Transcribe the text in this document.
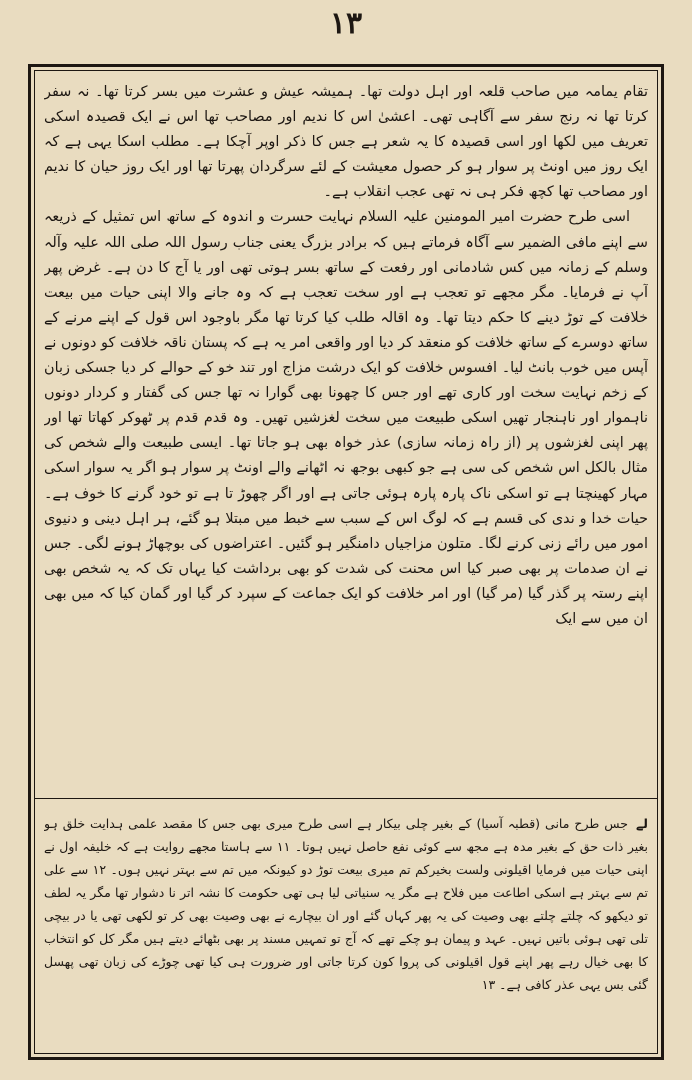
١٣

تقام یمامہ میں صاحب قلعہ اور اہل دولت تھا۔ ہمیشہ عیش و عشرت میں بسر کرتا تھا۔ نہ سفر کرتا تھا نہ رنج سفر سے آگاہی تھی۔ اعشیٰ اس کا ندیم اور مصاحب تھا اس نے ایک قصیدہ اسکی تعریف میں لکھا اور اسی قصیدہ کا یہ شعر ہے جس کا ذکر اوپر آچکا ہے۔ مطلب اسکا یہی ہے کہ ایک روز میں اونٹ پر سوار ہو کر حصول معیشت کے لئے سرگردان پھرتا تھا اور ایک روز حیان کا ندیم اور مصاحب تھا کچھ فکر ہی نہ تھی عجب انقلاب ہے۔

اسی طرح حضرت امیر المومنین علیہ السلام نہایت حسرت و اندوہ کے ساتھ اس تمثیل کے ذریعہ سے اپنے مافی الضمیر سے آگاہ فرماتے ہیں کہ برادر بزرگ یعنی جناب رسول اللہ صلی اللہ علیہ وآلہ وسلم کے زمانہ میں کس شادمانی اور رفعت کے ساتھ بسر ہوتی تھی اور یا آج کا دن ہے۔ غرض پھر آپ نے فرمایا۔ مگر مجھے تو تعجب ہے اور سخت تعجب ہے کہ وہ جانے والا اپنی حیات میں بیعت خلافت کے توڑ دینے کا حکم دیتا تھا۔ وہ اقالہ طلب کیا کرتا تھا مگر باوجود اس قول کے اپنے مرنے کے ساتھ دوسرے کے ساتھ خلافت کو منعقد کر دیا اور واقعی امر یہ ہے کہ پستان ناقہ خلافت کو دونوں نے آپس میں خوب بانٹ لیا۔ افسوس خلافت کو ایک درشت مزاج اور تند خو کے حوالے کر دیا جسکی زبان کے زخم نہایت سخت اور کاری تھے اور جس کا چھونا بھی گوارا نہ تھا جس کی گفتار و کردار دونوں ناہموار اور ناہنجار تھیں اسکی طبیعت میں سخت لغزشیں تھیں۔ وہ قدم قدم پر ٹھوکر کھاتا تھا اور پھر اپنی لغزشوں پر (از راہ زمانہ سازی) عذر خواہ بھی ہو جاتا تھا۔ ایسی طبیعت والے شخص کی مثال بالکل اس شخص کی سی ہے جو کبھی بوجھ نہ اٹھانے والے اونٹ پر سوار ہو اگر یہ سوار اسکی مہار کھینچتا ہے تو اسکی ناک پارہ پارہ ہوئی جاتی ہے اور اگر چھوڑ تا ہے تو خود گرنے کا خوف ہے۔ حیات خدا و ندی کی قسم ہے کہ لوگ اس کے سبب سے خبط میں مبتلا ہو گئے، ہر اہل دینی و دنیوی امور میں رائے زنی کرنے لگا۔ متلون مزاجیاں دامنگیر ہو گئیں۔ اعتراضوں کی بوچھاڑ ہونے لگی۔ جس نے ان صدمات پر بھی صبر کیا اس محنت کی شدت کو بھی برداشت کیا یہاں تک کہ یہ شخص بھی اپنے رستہ پر گذر گیا (مر گیا) اور امر خلافت کو ایک جماعت کے سپرد کر گیا اور گمان کیا کہ میں بھی ان میں سے ایک

لے جس طرح مانی (قطبہ آسیا) کے بغیر چلی بیکار ہے اسی طرح میری بھی جس کا مقصد علمی ہدایت خلق ہو بغیر ذات حق کے بغیر مدہ ہے مجھ سے کوئی نفع حاصل نہیں ہوتا۔ ١١ سے ہاستا مجھے روایت ہے کہ خلیفہ اول نے اپنی حیات میں فرمایا اقیلونی ولست بخیرکم تم میری بیعت توڑ دو کیونکہ میں تم سے بہتر نہیں ہوں۔ ١٢ سے علی تم سے بہتر ہے اسکی اطاعت میں فلاح ہے مگر یہ سنیاتی لیا ہی تھی حکومت کا نشہ اتر نا دشوار تھا مگر یہ لطف تو دیکھو کہ چلتے چلتے بھی وصیت کی یہ پھر کہاں گئے اور ان بیچارے نے بھی وصیت بھی کر تو لکھی تھی یا در بیچی تلی تھی ہوئی باتیں نہیں۔ عہد و پیمان ہو چکے تھے کہ آج تو تمہیں مسند پر بھی بٹھائے دیتے ہیں مگر کل کو انتخاب کا بھی خیال رہے پھر اپنے قول اقیلونی کی پروا کون کرتا جاتی اور ضرورت ہی کیا تھی چوڑے کی زبان تھی پھسل گئی بس یہی عذر کافی ہے۔ ١٣
